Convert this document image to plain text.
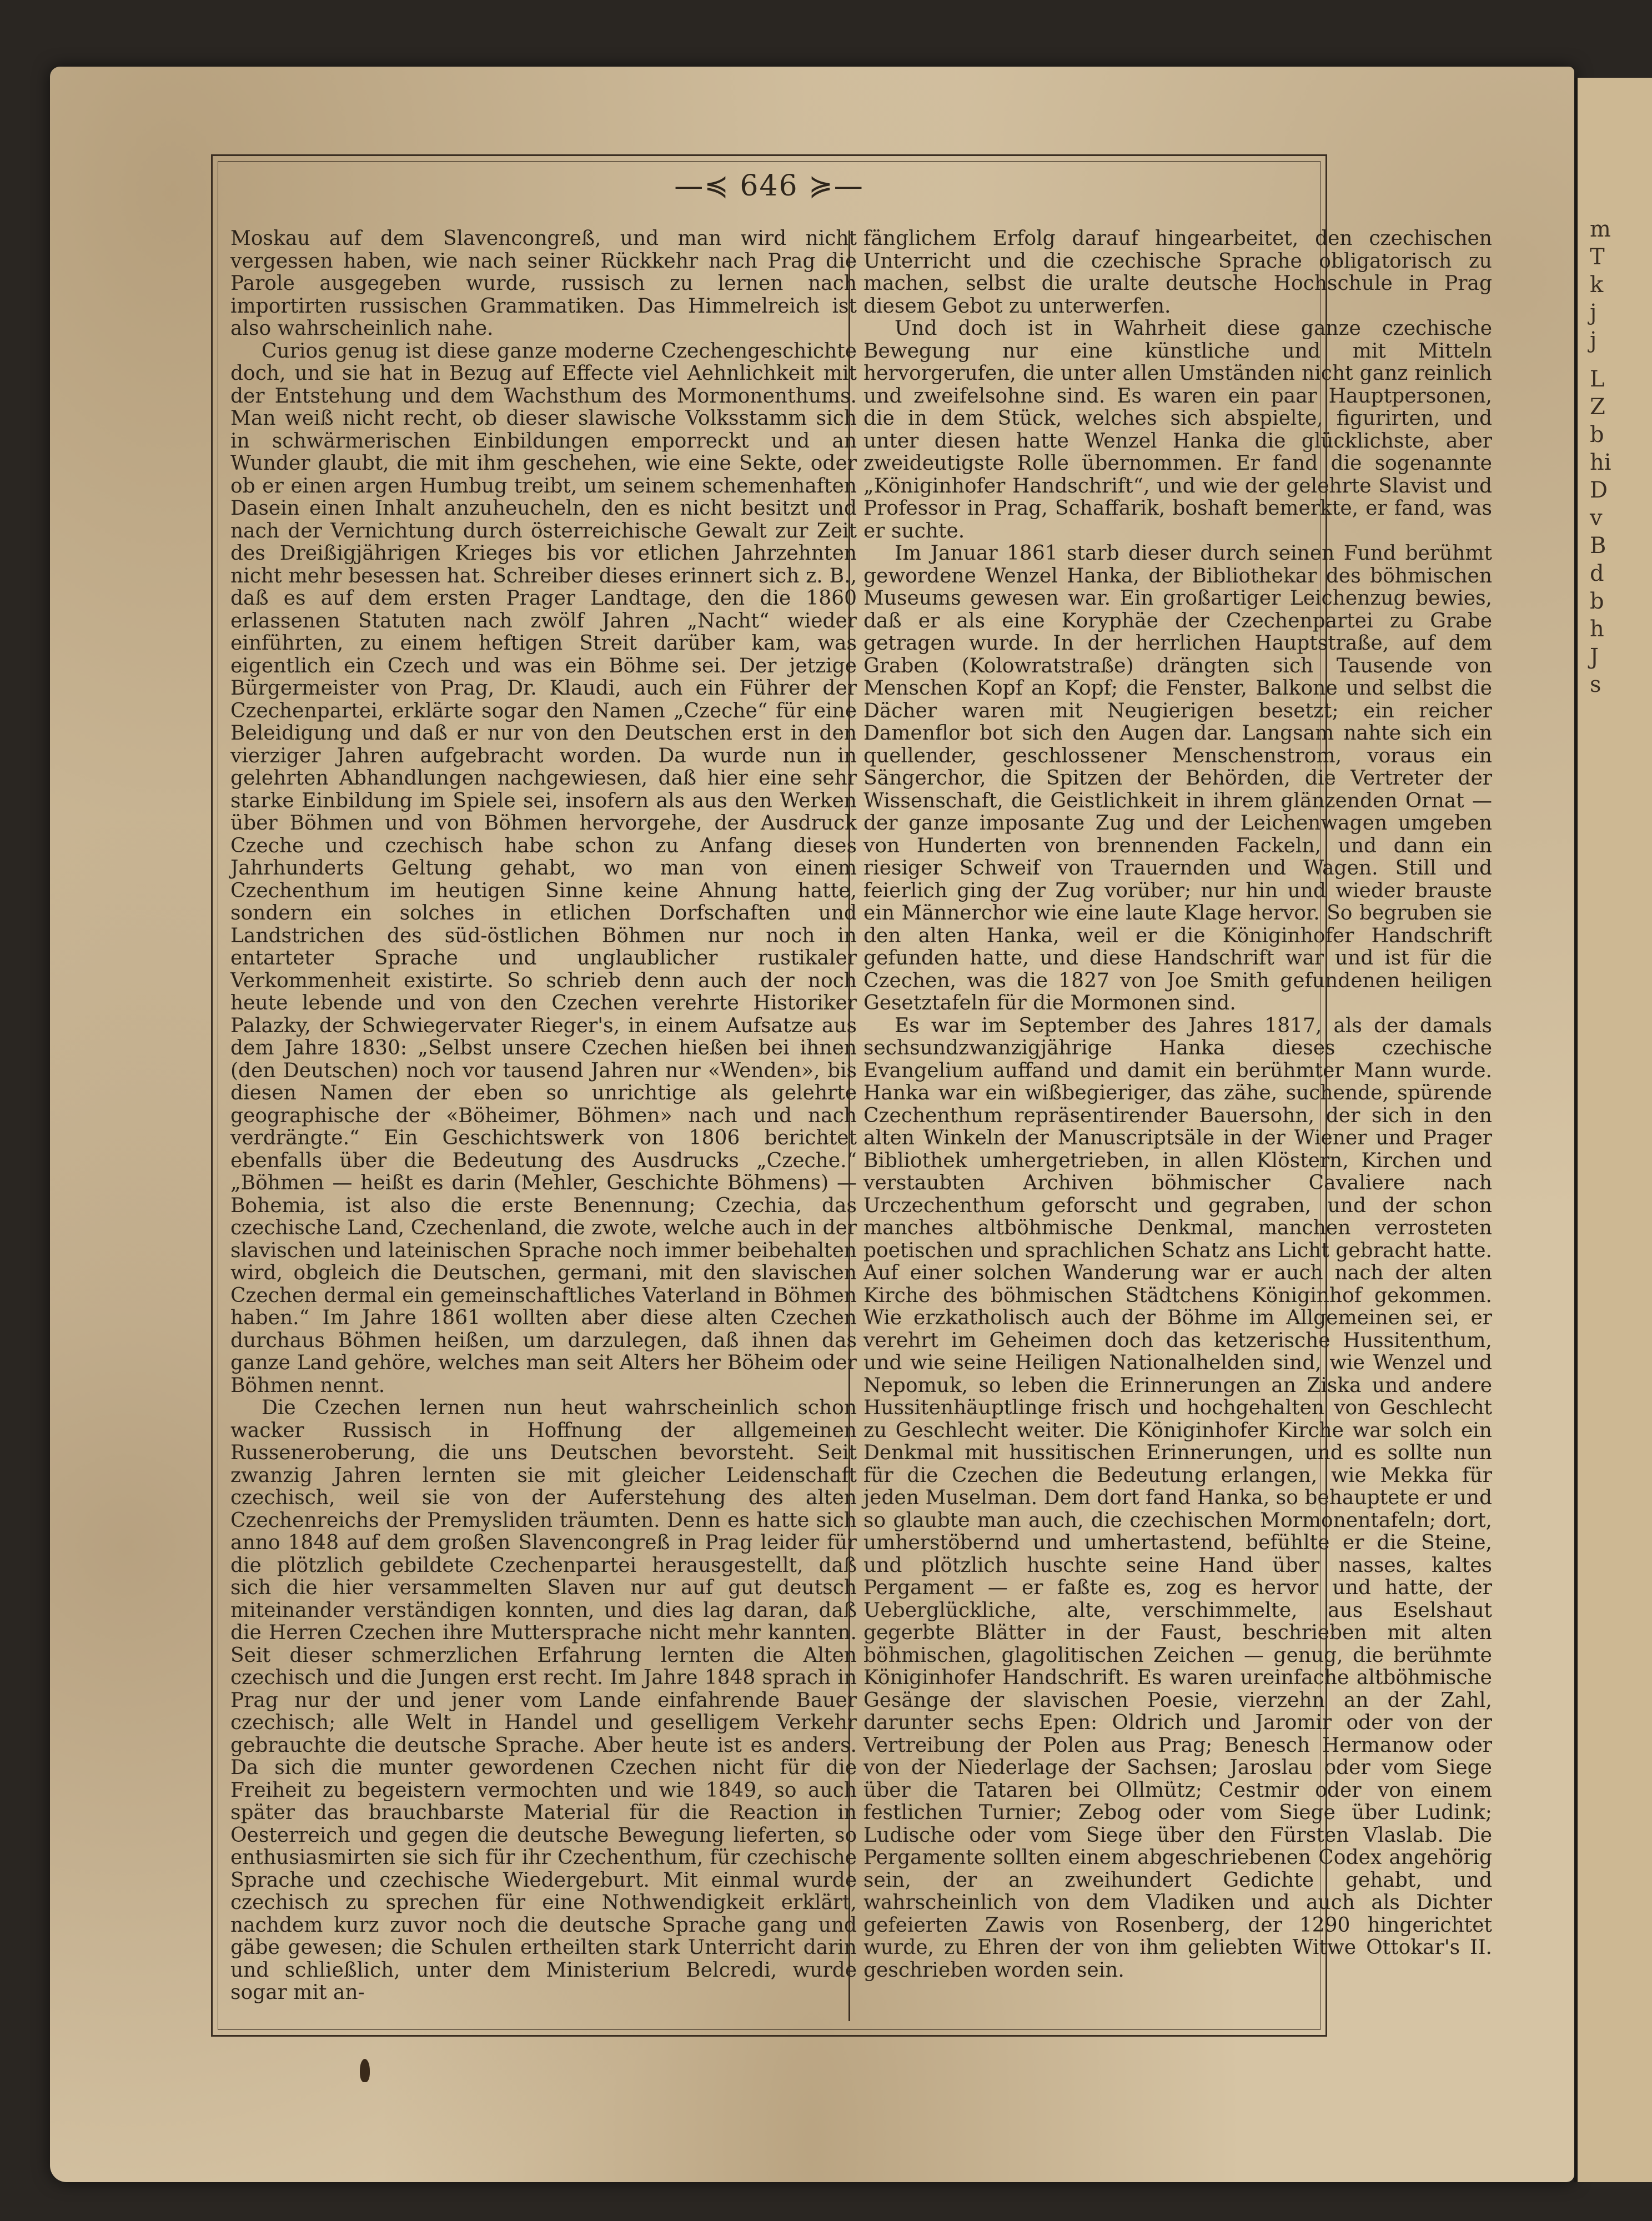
m
T
k
j
j
L
Z
b
hi
D
v
B
d
b
h
J
s
—≼ 646 ≽—

Moskau auf dem Slavencongreß, und man wird nicht vergessen haben, wie nach seiner Rückkehr nach Prag die Parole ausgegeben wurde, russisch zu lernen nach importirten russischen Grammatiken. Das Himmelreich ist also wahrscheinlich nahe.

Curios genug ist diese ganze moderne Czechengeschichte doch, und sie hat in Bezug auf Effecte viel Aehnlichkeit mit der Entstehung und dem Wachsthum des Mormonenthums. Man weiß nicht recht, ob dieser slawische Volksstamm sich in schwärmerischen Einbildungen emporreckt und an Wunder glaubt, die mit ihm geschehen, wie eine Sekte, oder ob er einen argen Humbug treibt, um seinem schemenhaften Dasein einen Inhalt anzuheucheln, den es nicht besitzt und nach der Vernichtung durch österreichische Gewalt zur Zeit des Dreißigjährigen Krieges bis vor etlichen Jahrzehnten nicht mehr besessen hat. Schreiber dieses erinnert sich z. B., daß es auf dem ersten Prager Landtage, den die 1860 erlassenen Statuten nach zwölf Jahren „Nacht“ wieder einführten, zu einem heftigen Streit darüber kam, was eigentlich ein Czech und was ein Böhme sei. Der jetzige Bürgermeister von Prag, Dr. Klaudi, auch ein Führer der Czechenpartei, erklärte sogar den Namen „Czeche“ für eine Beleidigung und daß er nur von den Deutschen erst in den vierziger Jahren aufgebracht worden. Da wurde nun in gelehrten Abhandlungen nachgewiesen, daß hier eine sehr starke Einbildung im Spiele sei, insofern als aus den Werken über Böhmen und von Böhmen hervorgehe, der Ausdruck Czeche und czechisch habe schon zu Anfang dieses Jahrhunderts Geltung gehabt, wo man von einem Czechenthum im heutigen Sinne keine Ahnung hatte, sondern ein solches in etlichen Dorfschaften und Landstrichen des süd-östlichen Böhmen nur noch in entarteter Sprache und unglaublicher rustikaler Verkommenheit existirte. So schrieb denn auch der noch heute lebende und von den Czechen verehrte Historiker Palazky, der Schwiegervater Rieger's, in einem Aufsatze aus dem Jahre 1830: „Selbst unsere Czechen hießen bei ihnen (den Deutschen) noch vor tausend Jahren nur «Wenden», bis diesen Namen der eben so unrichtige als gelehrte geographische der «Böheimer, Böhmen» nach und nach verdrängte.“ Ein Geschichtswerk von 1806 berichtet ebenfalls über die Bedeutung des Ausdrucks „Czeche.“ „Böhmen — heißt es darin (Mehler, Geschichte Böhmens) — Bohemia, ist also die erste Benennung; Czechia, das czechische Land, Czechenland, die zwote, welche auch in der slavischen und lateinischen Sprache noch immer beibehalten wird, obgleich die Deutschen, germani, mit den slavischen Czechen dermal ein gemeinschaftliches Vaterland in Böhmen haben.“ Im Jahre 1861 wollten aber diese alten Czechen durchaus Böhmen heißen, um darzulegen, daß ihnen das ganze Land gehöre, welches man seit Alters her Böheim oder Böhmen nennt.

Die Czechen lernen nun heut wahrscheinlich schon wacker Russisch in Hoffnung der allgemeinen Russeneroberung, die uns Deutschen bevorsteht. Seit zwanzig Jahren lernten sie mit gleicher Leidenschaft czechisch, weil sie von der Auferstehung des alten Czechenreichs der Premysliden träumten. Denn es hatte sich anno 1848 auf dem großen Slavencongreß in Prag leider für die plötzlich gebildete Czechenpartei herausgestellt, daß sich die hier versammelten Slaven nur auf gut deutsch miteinander verständigen konnten, und dies lag daran, daß die Herren Czechen ihre Muttersprache nicht mehr kannten. Seit dieser schmerzlichen Erfahrung lernten die Alten czechisch und die Jungen erst recht. Im Jahre 1848 sprach in Prag nur der und jener vom Lande einfahrende Bauer czechisch; alle Welt in Handel und geselligem Verkehr gebrauchte die deutsche Sprache. Aber heute ist es anders. Da sich die munter gewordenen Czechen nicht für die Freiheit zu begeistern vermochten und wie 1849, so auch später das brauchbarste Material für die Reaction in Oesterreich und gegen die deutsche Bewegung lieferten, so enthusiasmirten sie sich für ihr Czechenthum, für czechische Sprache und czechische Wiedergeburt. Mit einmal wurde czechisch zu sprechen für eine Nothwendigkeit erklärt, nachdem kurz zuvor noch die deutsche Sprache gang und gäbe gewesen; die Schulen ertheilten stark Unterricht darin und schließlich, unter dem Ministerium Belcredi, wurde sogar mit an-

fänglichem Erfolg darauf hingearbeitet, den czechischen Unterricht und die czechische Sprache obligatorisch zu machen, selbst die uralte deutsche Hochschule in Prag diesem Gebot zu unterwerfen.

Und doch ist in Wahrheit diese ganze czechische Bewegung nur eine künstliche und mit Mitteln hervorgerufen, die unter allen Umständen nicht ganz reinlich und zweifelsohne sind. Es waren ein paar Hauptpersonen, die in dem Stück, welches sich abspielte, figurirten, und unter diesen hatte Wenzel Hanka die glücklichste, aber zweideutigste Rolle übernommen. Er fand die sogenannte „Königinhofer Handschrift“, und wie der gelehrte Slavist und Professor in Prag, Schaffarik, boshaft bemerkte, er fand, was er suchte.

Im Januar 1861 starb dieser durch seinen Fund berühmt gewordene Wenzel Hanka, der Bibliothekar des böhmischen Museums gewesen war. Ein großartiger Leichenzug bewies, daß er als eine Koryphäe der Czechenpartei zu Grabe getragen wurde. In der herrlichen Hauptstraße, auf dem Graben (Kolowratstraße) drängten sich Tausende von Menschen Kopf an Kopf; die Fenster, Balkone und selbst die Dächer waren mit Neugierigen besetzt; ein reicher Damenflor bot sich den Augen dar. Langsam nahte sich ein quellender, geschlossener Menschenstrom, voraus ein Sängerchor, die Spitzen der Behörden, die Vertreter der Wissenschaft, die Geistlichkeit in ihrem glänzenden Ornat — der ganze imposante Zug und der Leichenwagen umgeben von Hunderten von brennenden Fackeln, und dann ein riesiger Schweif von Trauernden und Wagen. Still und feierlich ging der Zug vorüber; nur hin und wieder brauste ein Männerchor wie eine laute Klage hervor. So begruben sie den alten Hanka, weil er die Königinhofer Handschrift gefunden hatte, und diese Handschrift war und ist für die Czechen, was die 1827 von Joe Smith gefundenen heiligen Gesetztafeln für die Mormonen sind.

Es war im September des Jahres 1817, als der damals sechsundzwanzigjährige Hanka dieses czechische Evangelium auffand und damit ein berühmter Mann wurde. Hanka war ein wißbegieriger, das zähe, suchende, spürende Czechenthum repräsentirender Bauersohn, der sich in den alten Winkeln der Manuscriptsäle in der Wiener und Prager Bibliothek umhergetrieben, in allen Klöstern, Kirchen und verstaubten Archiven böhmischer Cavaliere nach Urczechenthum geforscht und gegraben, und der schon manches altböhmische Denkmal, manchen verrosteten poetischen und sprachlichen Schatz ans Licht gebracht hatte. Auf einer solchen Wanderung war er auch nach der alten Kirche des böhmischen Städtchens Königinhof gekommen. Wie erzkatholisch auch der Böhme im Allgemeinen sei, er verehrt im Geheimen doch das ketzerische Hussitenthum, und wie seine Heiligen Nationalhelden sind, wie Wenzel und Nepomuk, so leben die Erinnerungen an Ziska und andere Hussitenhäuptlinge frisch und hochgehalten von Geschlecht zu Geschlecht weiter. Die Königinhofer Kirche war solch ein Denkmal mit hussitischen Erinnerungen, und es sollte nun für die Czechen die Bedeutung erlangen, wie Mekka für jeden Muselman. Dem dort fand Hanka, so behauptete er und so glaubte man auch, die czechischen Mormonentafeln; dort, umherstöbernd und umhertastend, befühlte er die Steine, und plötzlich huschte seine Hand über nasses, kaltes Pergament — er faßte es, zog es hervor und hatte, der Ueberglückliche, alte, verschimmelte, aus Eselshaut gegerbte Blätter in der Faust, beschrieben mit alten böhmischen, glagolitischen Zeichen — genug, die berühmte Königinhofer Handschrift. Es waren ureinfache altböhmische Gesänge der slavischen Poesie, vierzehn an der Zahl, darunter sechs Epen: Oldrich und Jaromir oder von der Vertreibung der Polen aus Prag; Benesch Hermanow oder von der Niederlage der Sachsen; Jaroslau oder vom Siege über die Tataren bei Ollmütz; Cestmir oder von einem festlichen Turnier; Zebog oder vom Siege über Ludink; Ludische oder vom Siege über den Fürsten Vlaslab. Die Pergamente sollten einem abgeschriebenen Codex angehörig sein, der an zweihundert Gedichte gehabt, und wahrscheinlich von dem Vladiken und auch als Dichter gefeierten Zawis von Rosenberg, der 1290 hingerichtet wurde, zu Ehren der von ihm geliebten Witwe Ottokar's II. geschrieben worden sein.
